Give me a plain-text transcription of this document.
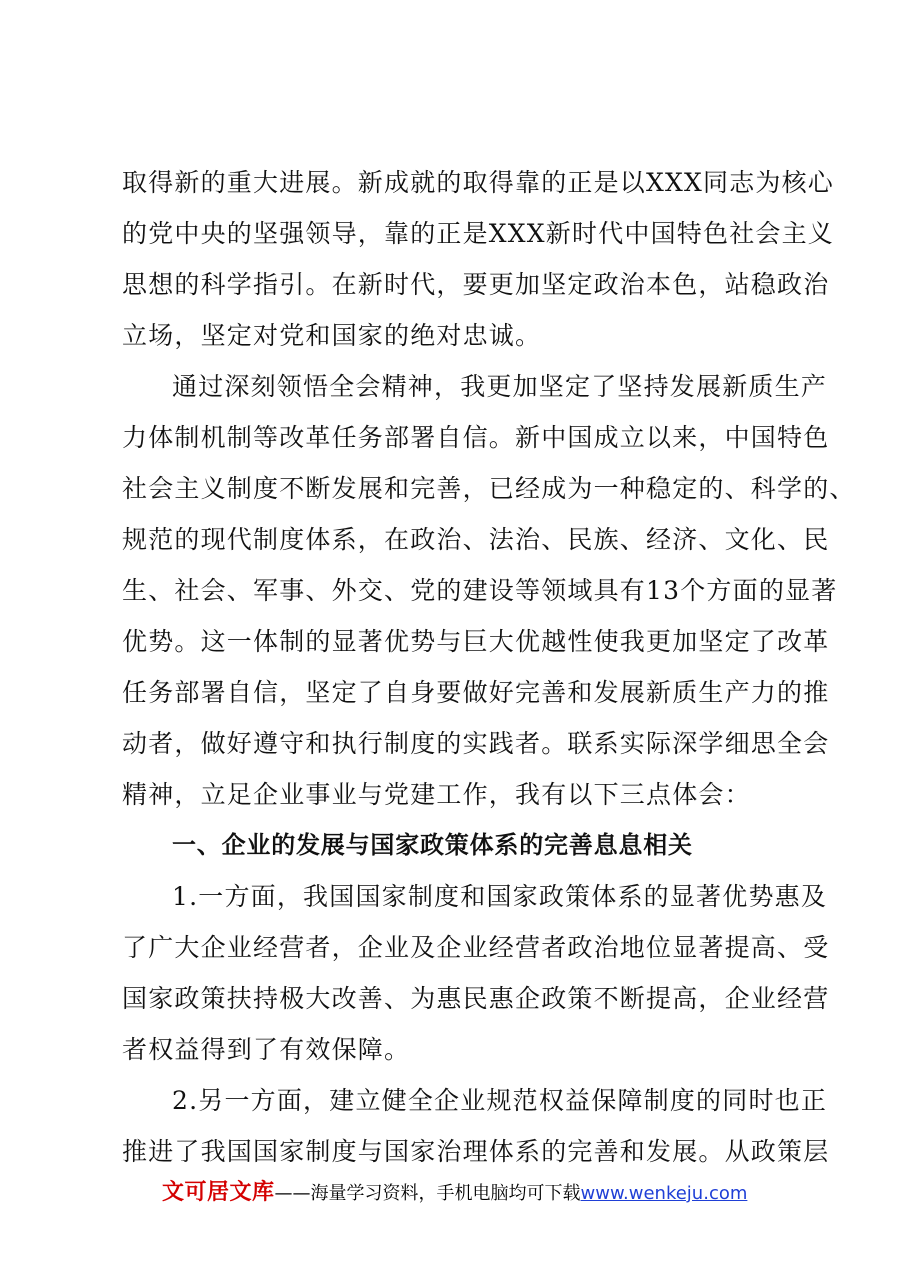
取得新的重大进展。新成就的取得靠的正是以XXX同志为核心
的党中央的坚强领导，靠的正是XXX新时代中国特色社会主义
思想的科学指引。在新时代，要更加坚定政治本色，站稳政治
立场，坚定对党和国家的绝对忠诚。
通过深刻领悟全会精神，我更加坚定了坚持发展新质生产
力体制机制等改革任务部署自信。新中国成立以来，中国特色
社会主义制度不断发展和完善，已经成为一种稳定的、科学的、
规范的现代制度体系，在政治、法治、民族、经济、文化、民
生、社会、军事、外交、党的建设等领域具有13个方面的显著
优势。这一体制的显著优势与巨大优越性使我更加坚定了改革
任务部署自信，坚定了自身要做好完善和发展新质生产力的推
动者，做好遵守和执行制度的实践者。联系实际深学细思全会
精神，立足企业事业与党建工作，我有以下三点体会：
一、企业的发展与国家政策体系的完善息息相关
1.一方面，我国国家制度和国家政策体系的显著优势惠及
了广大企业经营者，企业及企业经营者政治地位显著提高、受
国家政策扶持极大改善、为惠民惠企政策不断提高，企业经营
者权益得到了有效保障。
2.另一方面，建立健全企业规范权益保障制度的同时也正
推进了我国国家制度与国家治理体系的完善和发展。从政策层
文可居文库——海量学习资料，手机电脑均可下载www.wenkeju.com
